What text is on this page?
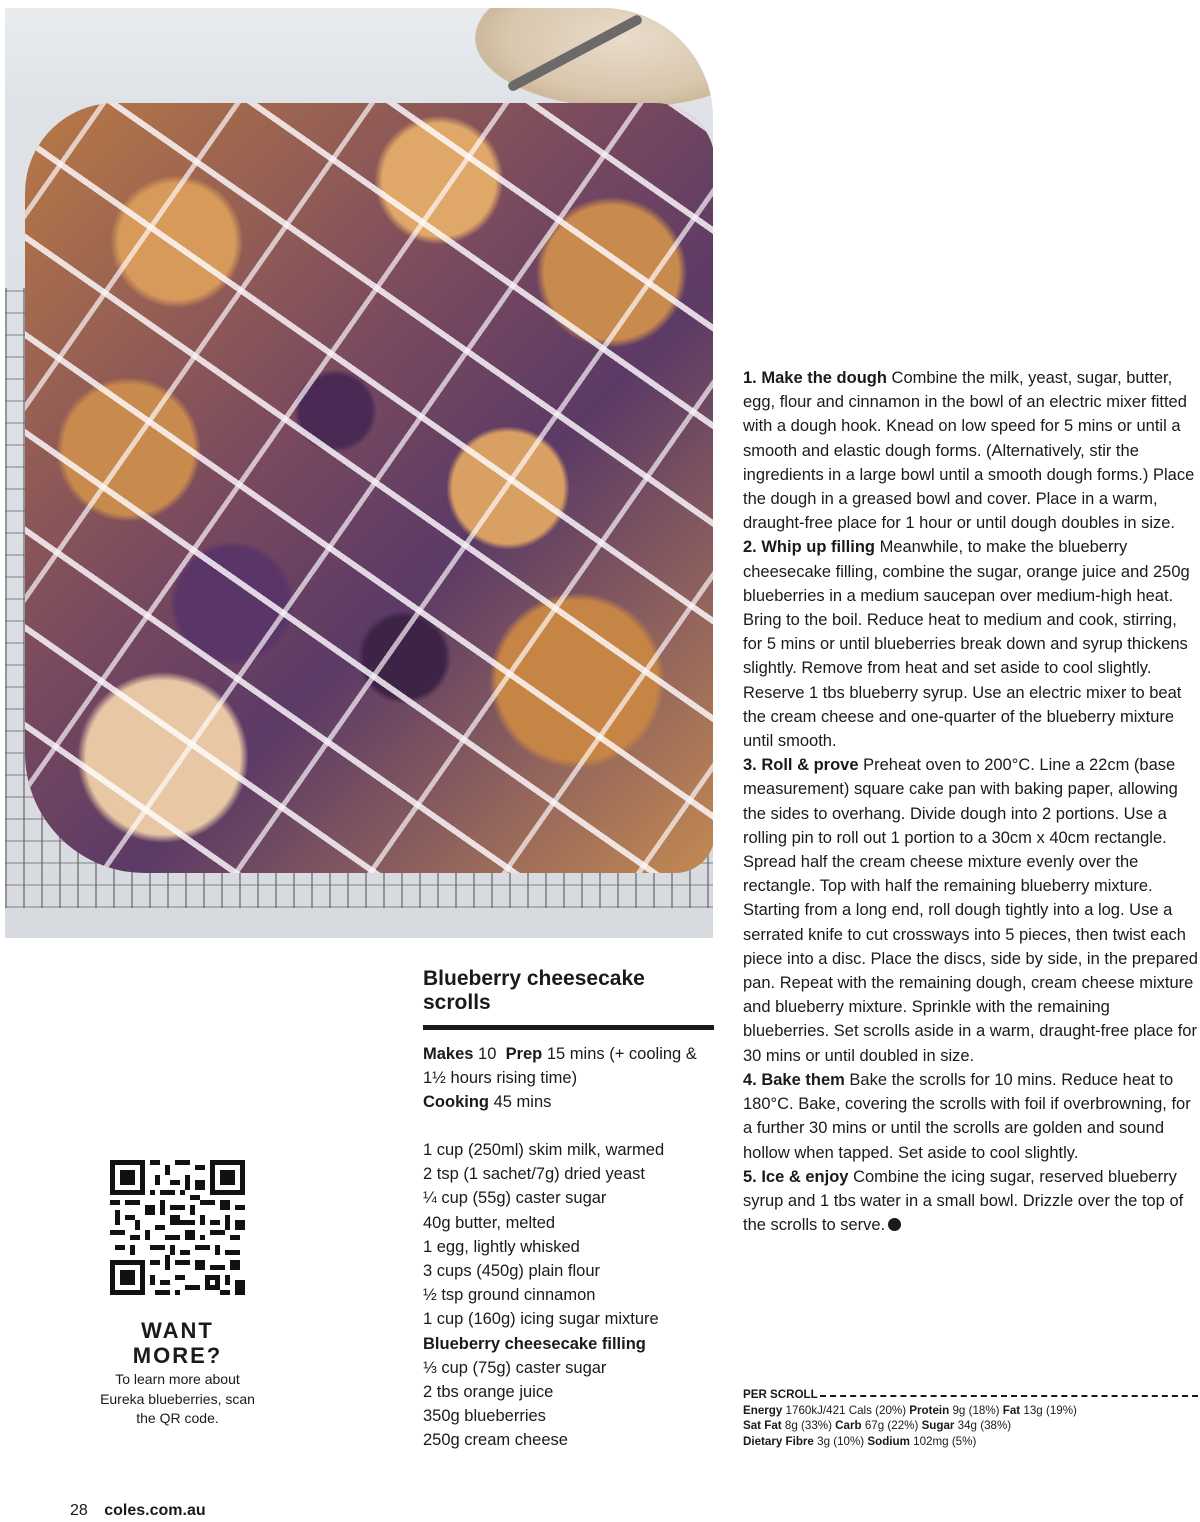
Blueberry cheesecake scrolls
Makes 10 Prep 15 mins (+ cooling & 1½ hours rising time)
Cooking 45 mins
1 cup (250ml) skim milk, warmed
2 tsp (1 sachet/7g) dried yeast
¼ cup (55g) caster sugar
40g butter, melted
1 egg, lightly whisked
3 cups (450g) plain flour
½ tsp ground cinnamon
1 cup (160g) icing sugar mixture
Blueberry cheesecake filling
⅓ cup (75g) caster sugar
2 tbs orange juice
350g blueberries
250g cream cheese

1. Make the dough Combine the milk, yeast, sugar, butter, egg, flour and cinnamon in the bowl of an electric mixer fitted with a dough hook. Knead on low speed for 5 mins or until a smooth and elastic dough forms. (Alternatively, stir the ingredients in a large bowl until a smooth dough forms.) Place the dough in a greased bowl and cover. Place in a warm, draught-free place for 1 hour or until dough doubles in size.

2. Whip up filling Meanwhile, to make the blueberry cheesecake filling, combine the sugar, orange juice and 250g blueberries in a medium saucepan over medium-high heat. Bring to the boil. Reduce heat to medium and cook, stirring, for 5 mins or until blueberries break down and syrup thickens slightly. Remove from heat and set aside to cool slightly. Reserve 1 tbs blueberry syrup. Use an electric mixer to beat the cream cheese and one-quarter of the blueberry mixture until smooth.

3. Roll & prove Preheat oven to 200°C. Line a 22cm (base measurement) square cake pan with baking paper, allowing the sides to overhang. Divide dough into 2 portions. Use a rolling pin to roll out 1 portion to a 30cm x 40cm rectangle. Spread half the cream cheese mixture evenly over the rectangle. Top with half the remaining blueberry mixture. Starting from a long end, roll dough tightly into a log. Use a serrated knife to cut crossways into 5 pieces, then twist each piece into a disc. Place the discs, side by side, in the prepared pan. Repeat with the remaining dough, cream cheese mixture and blueberry mixture. Sprinkle with the remaining blueberries. Set scrolls aside in a warm, draught-free place for 30 mins or until doubled in size.

4. Bake them Bake the scrolls for 10 mins. Reduce heat to 180°C. Bake, covering the scrolls with foil if overbrowning, for a further 30 mins or until the scrolls are golden and sound hollow when tapped. Set aside to cool slightly.

5. Ice & enjoy Combine the icing sugar, reserved blueberry syrup and 1 tbs water in a small bowl. Drizzle over the top of the scrolls to serve.

PER SCROLL
Energy 1760kJ/421 Cals (20%) Protein 9g (18%) Fat 13g (19%)
Sat Fat 8g (33%) Carb 67g (22%) Sugar 34g (38%)
Dietary Fibre 3g (10%) Sodium 102mg (5%)
WANT
MORE?

To learn more about Eureka blueberries, scan the QR code.

28 coles.com.au
